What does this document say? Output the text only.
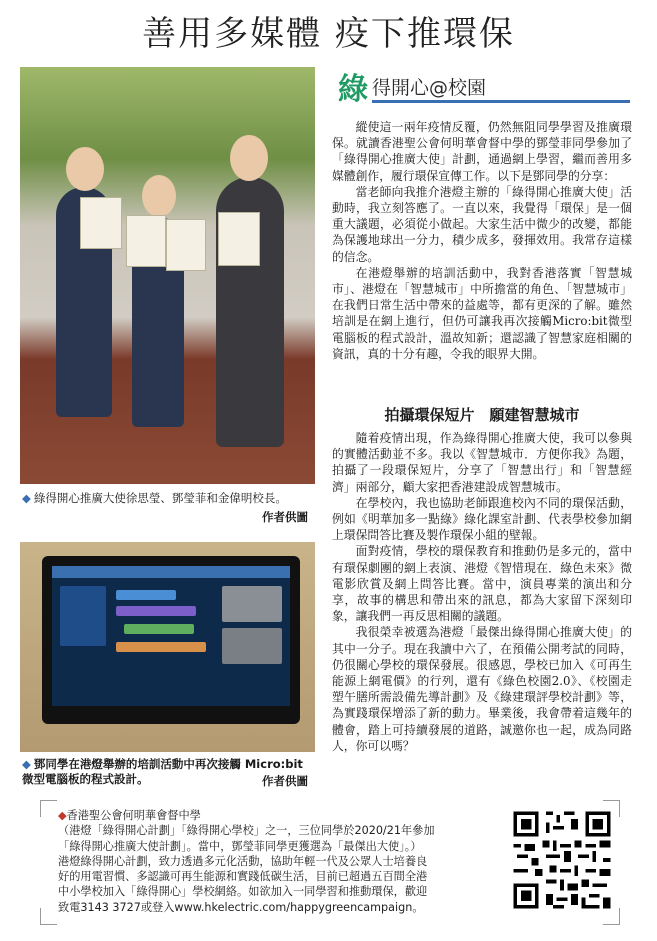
善用多媒體 疫下推環保
◆ 綠得開心推廣大使徐思瑩、鄧瑩菲和金偉明校長。
作者供圖
◆ 鄧同學在港燈舉辦的培訓活動中再次接觸 Micro:bit
微型電腦板的程式設計。	作者供圖
綠 得開心@校園

縱使這一兩年疫情反覆，仍然無阻同學學習及推廣環保。就讀香港聖公會何明華會督中學的鄧瑩菲同學參加了「綠得開心推廣大使」計劃，通過網上學習，繼而善用多媒體創作，履行環保宣傳工作。以下是鄧同學的分享：

當老師向我推介港燈主辦的「綠得開心推廣大使」活動時，我立刻答應了。一直以來，我覺得「環保」是一個重大議題，必須從小做起。大家生活中微少的改變，都能為保護地球出一分力，積少成多，發揮效用。我常存這樣的信念。

在港燈舉辦的培訓活動中，我對香港落實「智慧城市」、港燈在「智慧城市」中所擔當的角色、「智慧城市」在我們日常生活中帶來的益處等，都有更深的了解。雖然培訓是在網上進行，但仍可讓我再次接觸Micro:bit微型電腦板的程式設計，溫故知新；還認識了智慧家庭相關的資訊，真的十分有趣，令我的眼界大開。

拍攝環保短片　願建智慧城市

隨着疫情出現，作為綠得開心推廣大使，我可以參與的實體活動並不多。我以《智慧城市．方便你我》為題，拍攝了一段環保短片，分享了「智慧出行」和「智慧經濟」兩部分，顧大家把香港建設成智慧城市。

在學校內，我也協助老師跟進校內不同的環保活動，例如《明華加多一點綠》綠化課室計劃、代表學校參加網上環保問答比賽及製作環保小組的壁報。

面對疫情，學校的環保教育和推動仍是多元的，當中有環保劇團的網上表演、港燈《智惜現在．綠色未來》微電影欣賞及網上問答比賽。當中，演員專業的演出和分享，故事的構思和帶出來的訊息，都為大家留下深刻印象，讓我們一再反思相關的議題。

我很榮幸被選為港燈「最傑出綠得開心推廣大使」的其中一分子。現在我讀中六了，在預備公開考試的同時，仍很關心學校的環保發展。很感恩，學校已加入《可再生能源上網電價》的行列，還有《綠色校園2.0》、《校園走塑午膳所需設備先導計劃》及《綠建環評學校計劃》等，為實踐環保增添了新的動力。畢業後，我會帶着這幾年的體會，踏上可持續發展的道路，誠邀你也一起，成為同路人，你可以嗎？

◆香港聖公會何明華會督中學
（港燈「綠得開心計劃」「綠得開心學校」之一，三位同學於2020/21年參加
「綠得開心推廣大使計劃」。當中，鄧瑩菲同學更獲選為「最傑出大使」。）
港燈綠得開心計劃，致力透過多元化活動，協助年輕一代及公眾人士培養良
好的用電習慣、多認識可再生能源和實踐低碳生活，目前已超過五百間全港
中小學校加入「綠得開心」學校網絡。如欲加入一同學習和推動環保，歡迎
致電3143 3727或登入www.hkelectric.com/happygreencampaign。
